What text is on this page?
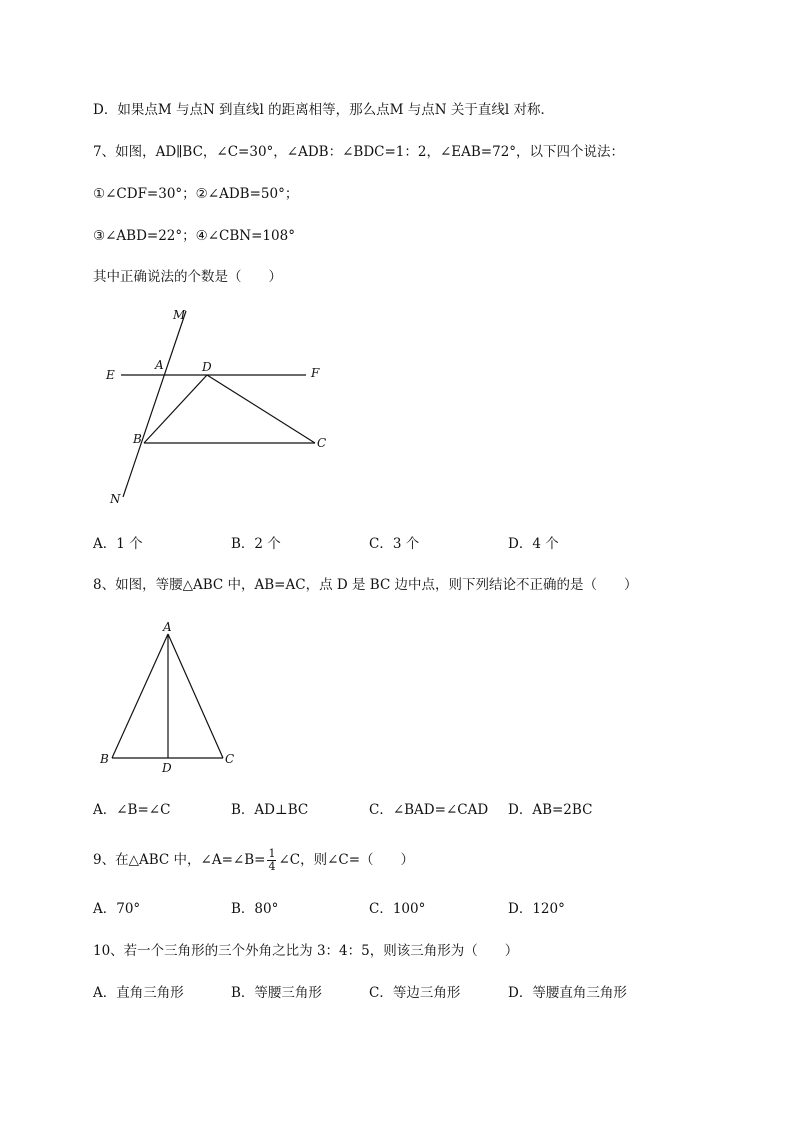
D．如果点M 与点N 到直线l 的距离相等，那么点M 与点N 关于直线l 对称．
7、如图，AD∥BC，∠C=30°，∠ADB：∠BDC=1：2，∠EAB=72°，以下四个说法：
①∠CDF=30°；②∠ADB=50°；
③∠ABD=22°；④∠CBN=108°
其中正确说法的个数是（　　）
M
A	D
E	F
B	C
N
A．1 个	B．2 个	C．3 个	D．4 个
8、如图，等腰△ABC 中，AB=AC，点 D 是 BC 边中点，则下列结论不正确的是（　　）
A
B
D
C
A．∠B=∠C	B．AD⊥BC	C．∠BAD=∠CAD D．AB=2BC
9、在△ABC 中，∠A=∠B= $\frac{1}{4}$ ∠C，则∠C=（　　）
A．70°	B．80°	C．100°	D．120°
10、若一个三角形的三个外角之比为 3：4：5，则该三角形为（　　）
A．直角三角形	B．等腰三角形	C．等边三角形	D．等腰直角三角形
